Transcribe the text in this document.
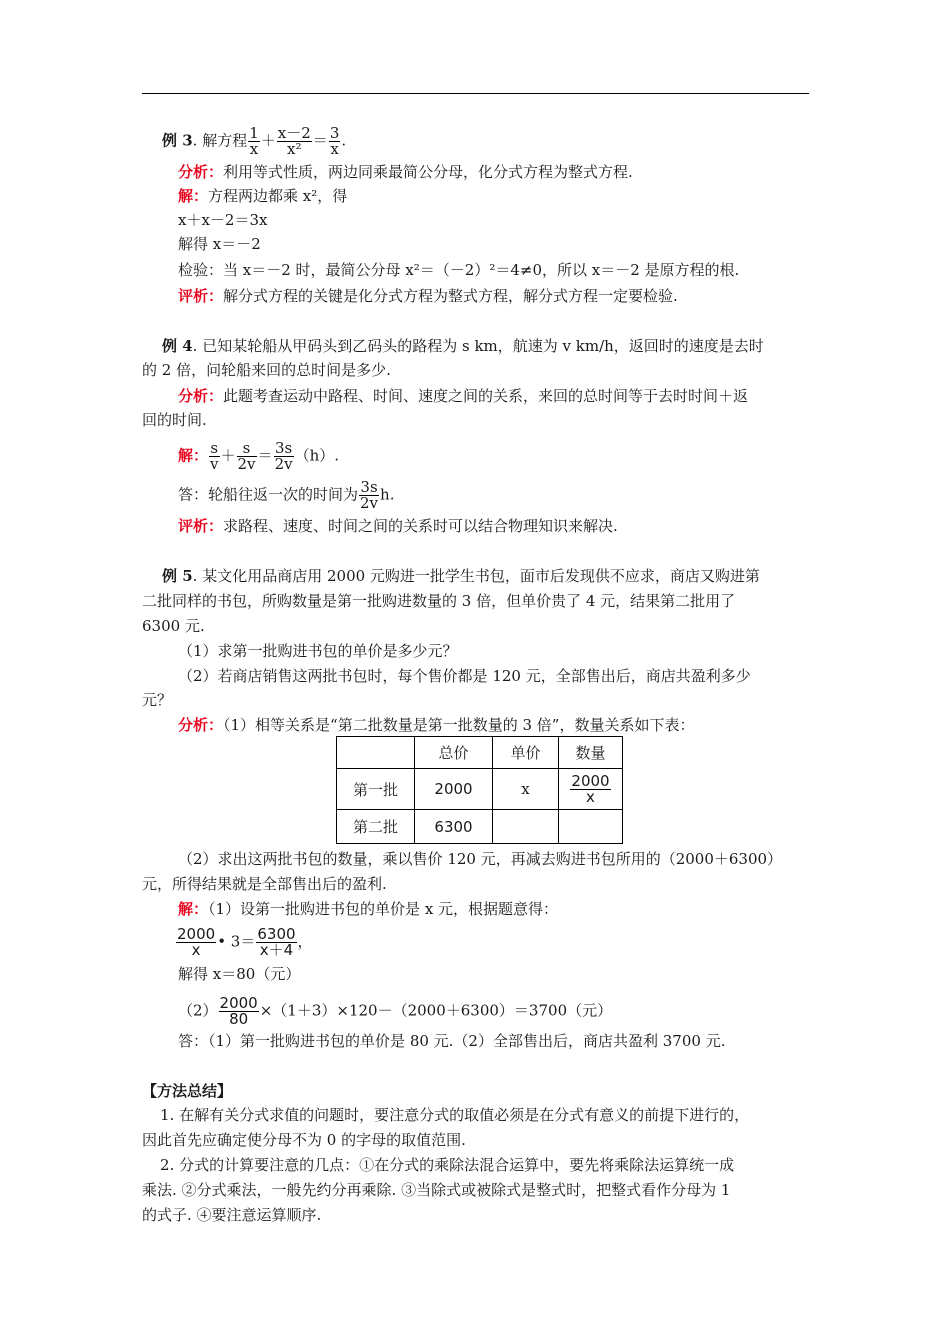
例 3. 解方程 $\frac{1}{x} + \frac{x-2}{\text{x²}} = \frac{3}{x}$ .
分析：利用等式性质，两边同乘最简公分母，化分式方程为整式方程.
解：方程两边都乘 x²，得
x＋x－2＝3x
解得 x＝－2
检验：当 x＝－2 时，最简公分母 x²＝（－2）²＝4≠0，所以 x＝－2 是原方程的根.
评析：解分式方程的关键是化分式方程为整式方程，解分式方程一定要检验.
例 4. 已知某轮船从甲码头到乙码头的路程为 s km，航速为 v km/h，返回时的速度是去时
的 2 倍，问轮船来回的总时间是多少.
分析：此题考查运动中路程、时间、速度之间的关系，来回的总时间等于去时时间＋返
回的时间.
解： $\frac{s}{v} + \frac{s}{2v} = \frac{3s}{2v} (h)$.
答：轮船往返一次的时间为 $\frac{3s}{2v} h$.
评析：求路程、速度、时间之间的关系时可以结合物理知识来解决.
例 5. 某文化用品商店用 2000 元购进一批学生书包，面市后发现供不应求，商店又购进第
二批同样的书包，所购数量是第一批购进数量的 3 倍，但单价贵了 4 元，结果第二批用了
6300 元.
（1）求第一批购进书包的单价是多少元？
（2）若商店销售这两批书包时，每个售价都是 120 元，全部售出后，商店共盈利多少
元？
分析：（1）相等关系是“第二批数量是第一批数量的 3 倍”，数量关系如下表：
	总价	单价	数量
第一批	2000	x	$\frac{2000}{x}$

第二批	6300		
（2）求出这两批书包的数量，乘以售价 120 元，再减去购进书包所用的（2000＋6300）
元，所得结果就是全部售出后的盈利.
解：（1）设第一批购进书包的单价是 x 元，根据题意得：
$\frac{2000}{x}$ • $3= \frac{6300}{x+4}$ ，
解得 x＝80（元）
$(2) \frac{2000}{80} \times(1+3)\times 120-(2000+6300)=3700$（元）
答：（1）第一批购进书包的单价是 80 元.（2）全部售出后，商店共盈利 3700 元.
【方法总结】
1. 在解有关分式求值的问题时，要注意分式的取值必须是在分式有意义的前提下进行的，
因此首先应确定使分母不为 0 的字母的取值范围.
2. 分式的计算要注意的几点：①在分式的乘除法混合运算中，要先将乘除法运算统一成
乘法. ②分式乘法，一般先约分再乘除. ③当除式或被除式是整式时，把整式看作分母为 1
的式子. ④要注意运算顺序.
